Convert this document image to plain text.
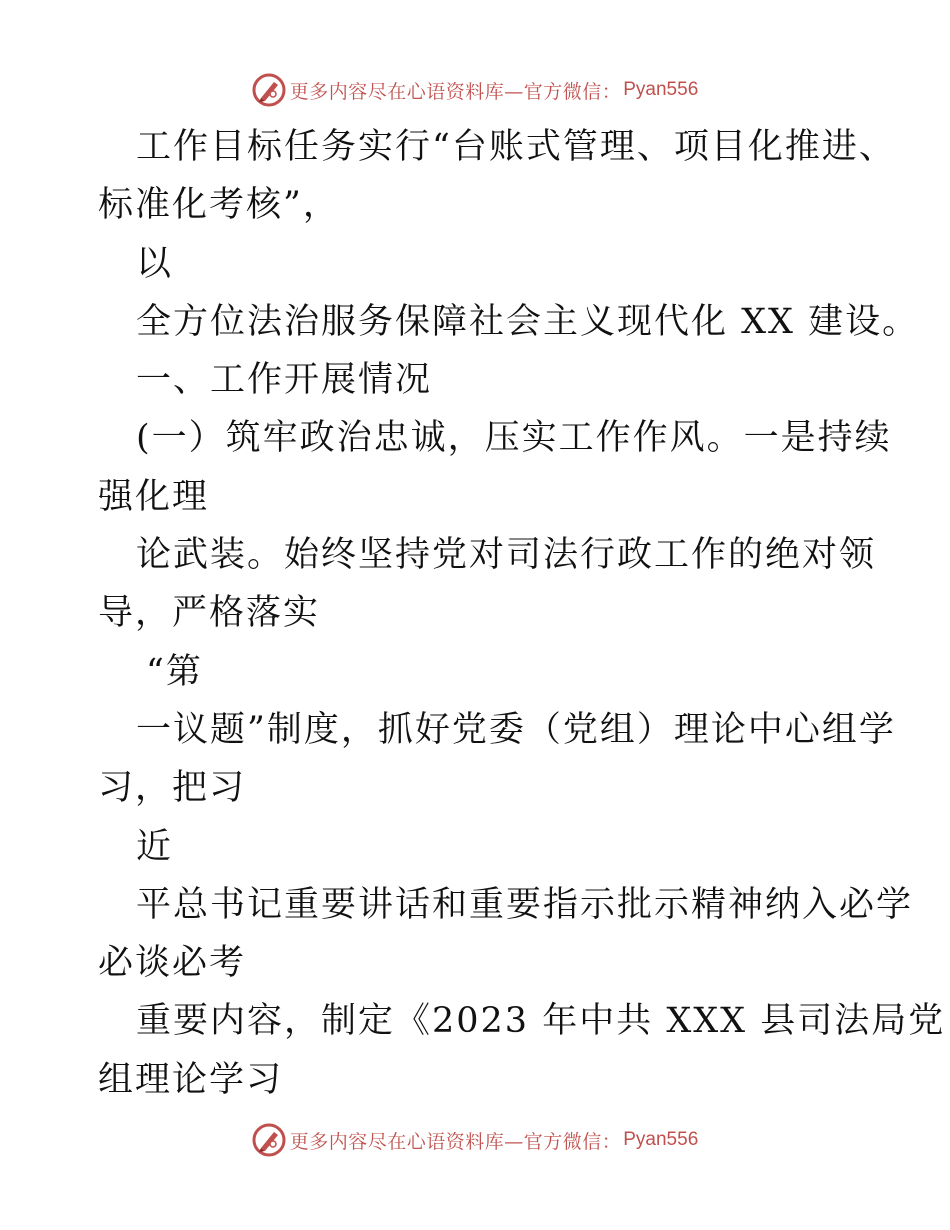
更多内容尽在心语资料库—官方微信： Pyan556
工作目标任务实行“台账式管理、项目化推进、
标准化考核”，
以
全方位法治服务保障社会主义现代化 XX 建设。
一、工作开展情况
(一）筑牢政治忠诚，压实工作作风。一是持续
强化理
论武装。始终坚持党对司法行政工作的绝对领
导，严格落实
“第
一议题”制度，抓好党委（党组）理论中心组学
习，把习
近
平总书记重要讲话和重要指示批示精神纳入必学
必谈必考
重要内容，制定《2023 年中共 XXX 县司法局党
组理论学习
更多内容尽在心语资料库—官方微信： Pyan556
